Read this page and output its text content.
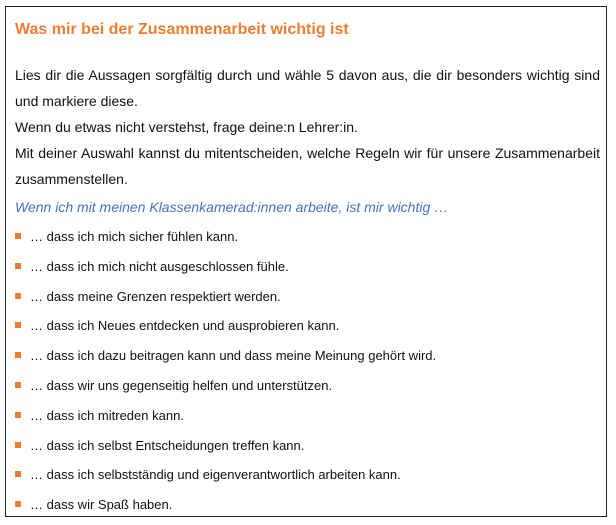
Was mir bei der Zusammenarbeit wichtig ist

Lies dir die Aussagen sorgfältig durch und wähle 5 davon aus, die dir besonders wichtig sind und markiere diese.

Wenn du etwas nicht verstehst, frage deine:n Lehrer:in.

Mit deiner Auswahl kannst du mitentscheiden, welche Regeln wir für unsere Zusammenarbeit zusammenstellen.

Wenn ich mit meinen Klassenkamerad:innen arbeite, ist mir wichtig …
… dass ich mich sicher fühlen kann.
… dass ich mich nicht ausgeschlossen fühle.
… dass meine Grenzen respektiert werden.
… dass ich Neues entdecken und ausprobieren kann.
… dass ich dazu beitragen kann und dass meine Meinung gehört wird.
… dass wir uns gegenseitig helfen und unterstützen.
… dass ich mitreden kann.
… dass ich selbst Entscheidungen treffen kann.
… dass ich selbstständig und eigenverantwortlich arbeiten kann.
… dass wir Spaß haben.
